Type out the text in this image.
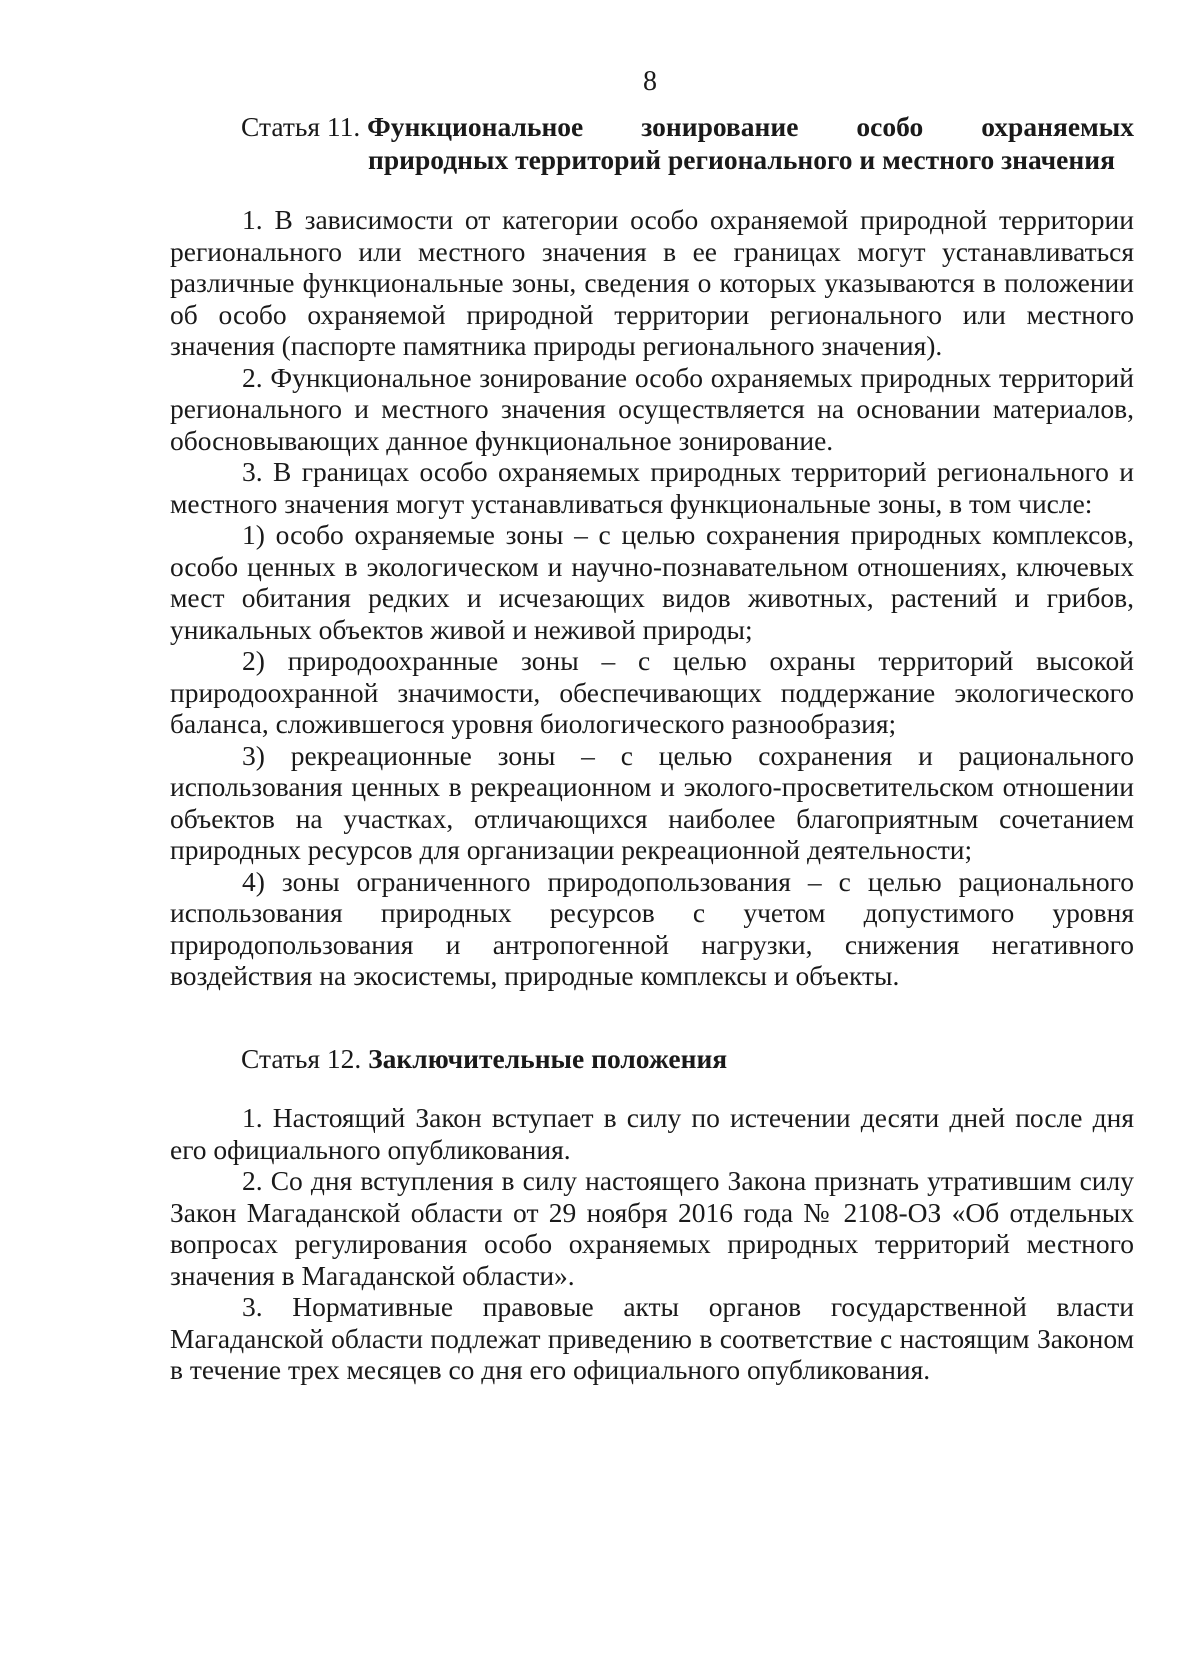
8
Статья 11. Функциональное зонирование особо охраняемых
природных территорий регионального и местного значения

1. В зависимости от категории особо охраняемой природной территории регионального или местного значения в ее границах могут устанавливаться различные функциональные зоны, сведения о которых указываются в положении об особо охраняемой природной территории регионального или местного значения (паспорте памятника природы регионального значения).

2. Функциональное зонирование особо охраняемых природных территорий регионального и местного значения осуществляется на основании материалов, обосновывающих данное функциональное зонирование.

3. В границах особо охраняемых природных территорий регионального и местного значения могут устанавливаться функциональные зоны, в том числе:

1) особо охраняемые зоны – с целью сохранения природных комплексов, особо ценных в экологическом и научно-познавательном отношениях, ключевых мест обитания редких и исчезающих видов животных, растений и грибов, уникальных объектов живой и неживой природы;

2) природоохранные зоны – с целью охраны территорий высокой природоохранной значимости, обеспечивающих поддержание экологического баланса, сложившегося уровня биологического разнообразия;

3) рекреационные зоны – с целью сохранения и рационального использования ценных в рекреационном и эколого-просветительском отношении объектов на участках, отличающихся наиболее благоприятным сочетанием природных ресурсов для организации рекреационной деятельности;

4) зоны ограниченного природопользования – с целью рационального использования природных ресурсов с учетом допустимого уровня природопользования и антропогенной нагрузки, снижения негативного воздействия на экосистемы, природные комплексы и объекты.

Статья 12. Заключительные положения

1. Настоящий Закон вступает в силу по истечении десяти дней после дня его официального опубликования.

2. Со дня вступления в силу настоящего Закона признать утратившим силу Закон Магаданской области от 29 ноября 2016 года № 2108-ОЗ «Об отдельных вопросах регулирования особо охраняемых природных территорий местного значения в Магаданской области».

3. Нормативные правовые акты органов государственной власти Магаданской области подлежат приведению в соответствие с настоящим Законом в течение трех месяцев со дня его официального опубликования.
